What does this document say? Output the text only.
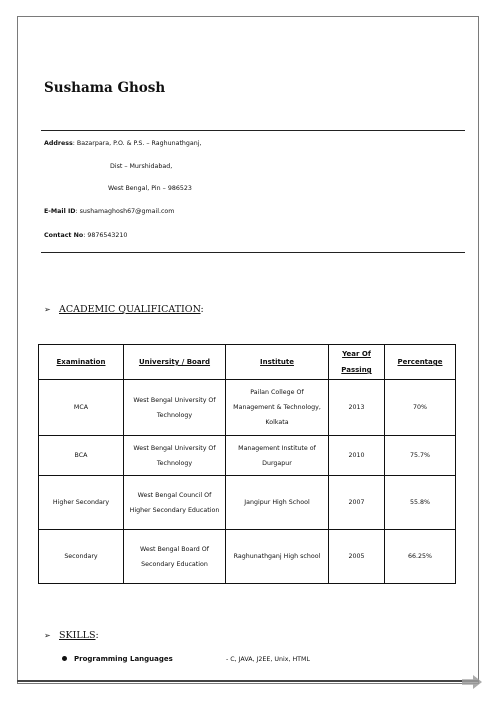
Sushama Ghosh
Address: Bazarpara, P.O. & P.S. – Raghunathganj,
Dist – Murshidabad,
West Bengal, Pin – 986523
E-Mail ID: sushamaghosh67@gmail.com
Contact No: 9876543210
➢ ACADEMIC QUALIFICATION:
Examination	University / Board	Institute	Year Of Passing	Percentage
MCA	West Bengal University Of Technology	Pailan College Of Management & Technology, Kolkata	2013	70%
BCA	West Bengal University Of Technology	Management Institute of Durgapur	2010	75.7%
Higher Secondary	West Bengal Council Of Higher Secondary Education	Jangipur High School	2007	55.8%
Secondary	West Bengal Board Of Secondary Education	Raghunathganj High school	2005	66.25%
➢ SKILLS:
Programming Languages	- C, JAVA, J2EE, Unix, HTML
